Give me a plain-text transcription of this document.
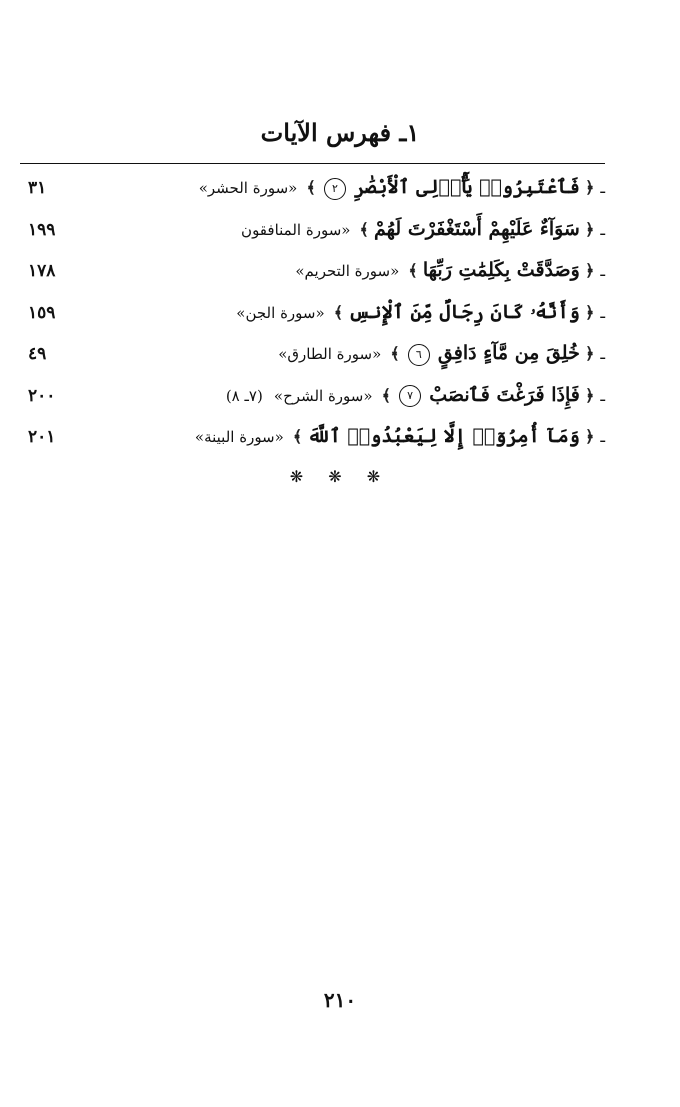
١ـ فهرس الآيات
ـ﴿ فَٱعْتَبِرُوا۟ يَٰٓأُو۟لِى ٱلْأَبْصَٰرِ ٢ ﴾ «سورة الحشر»
٣١
ـ﴿ سَوَآءٌ عَلَيْهِمْ أَسْتَغْفَرْتَ لَهُمْ ﴾ «سورة المنافقون
١٩٩
ـ﴿ وَصَدَّقَتْ بِكَلِمَٰتِ رَبِّهَا ﴾ «سورة التحريم»
١٧٨
ـ﴿ وَأَنَّهُۥ كَانَ رِجَالٌ مِّنَ ٱلْإِنسِ ﴾ «سورة الجن»
١٥٩
ـ﴿ خُلِقَ مِن مَّآءٍ دَافِقٍ ٦ ﴾ «سورة الطارق»
٤٩
ـ﴿ فَإِذَا فَرَغْتَ فَٱنصَبْ ٧ ﴾ «سورة الشرح» (٧ـ ٨)
٢٠٠
ـ﴿ وَمَآ أُمِرُوٓا۟ إِلَّا لِيَعْبُدُوا۟ ٱللَّهَ ﴾ «سورة البينة»
٢٠١
❋ ❋ ❋
٢١٠
